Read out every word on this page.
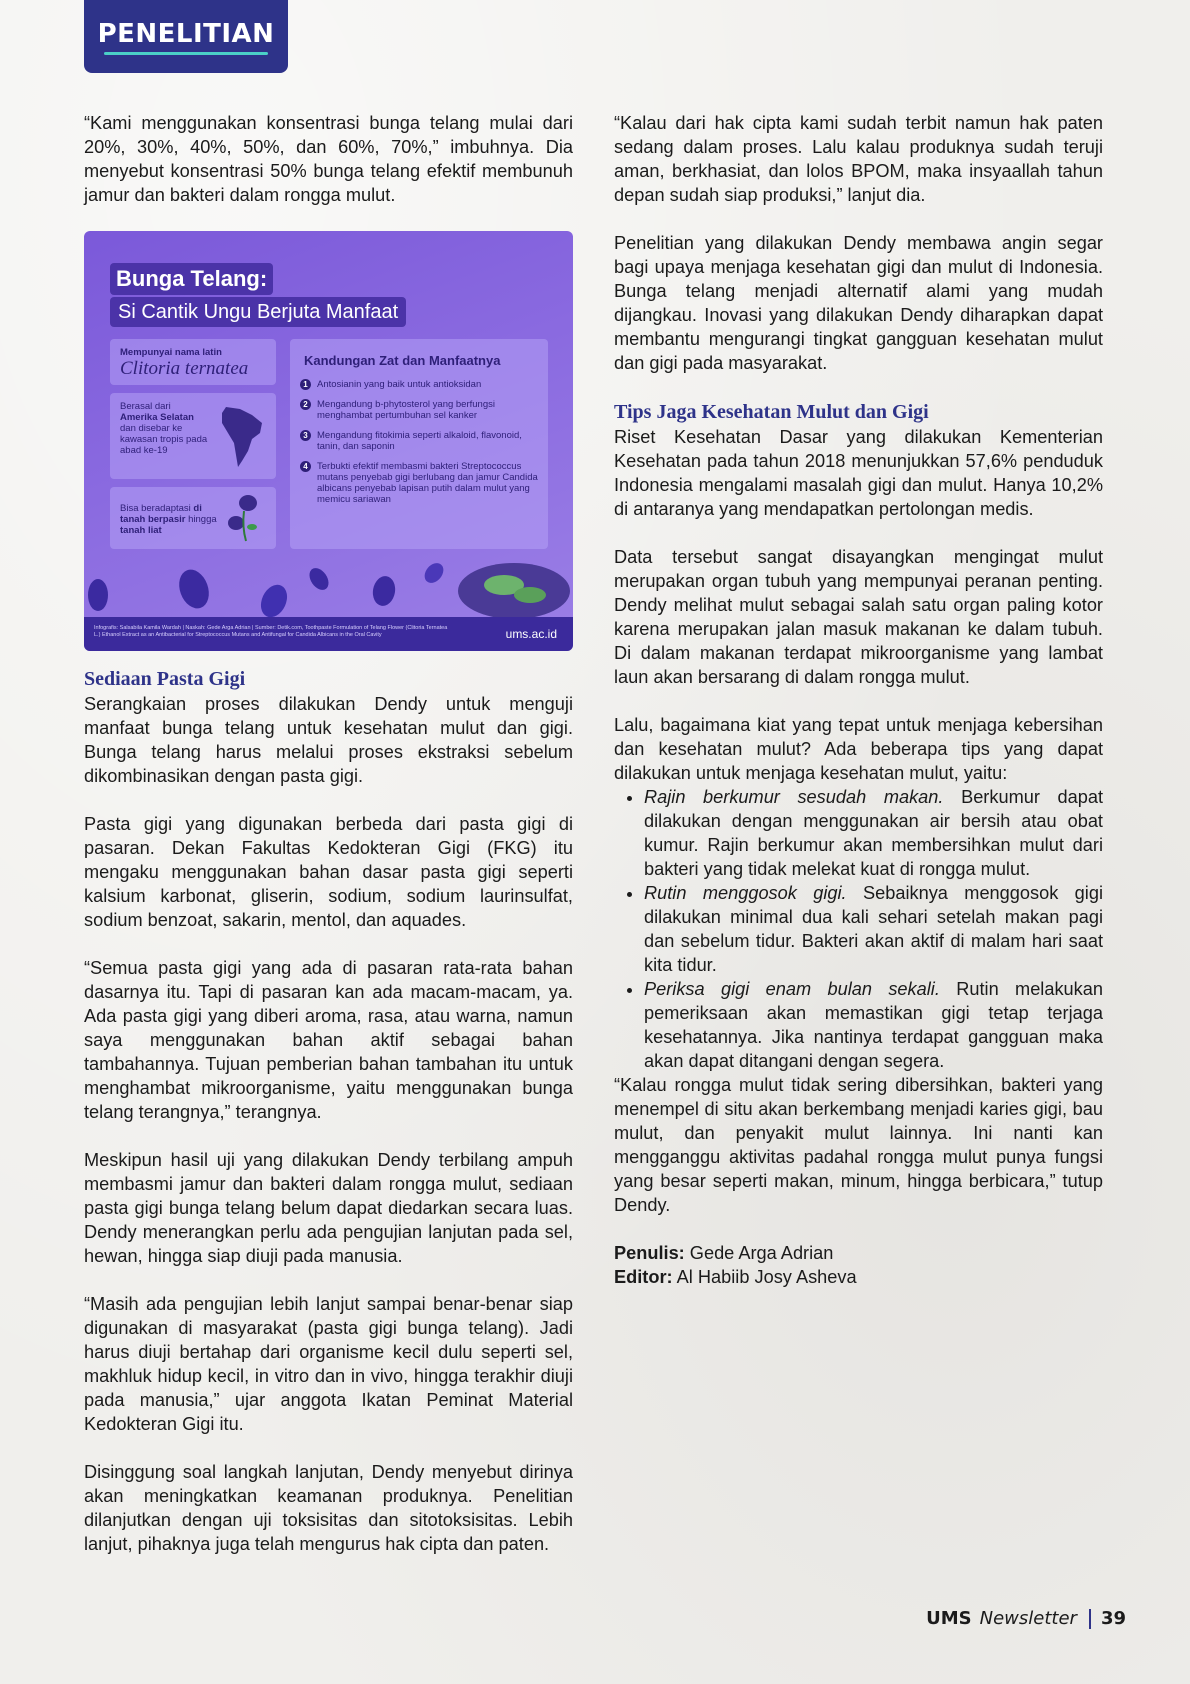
PENELITIAN

“Kami menggunakan konsentrasi bunga telang mulai dari 20%, 30%, 40%, 50%, dan 60%, 70%,” imbuhnya. Dia menyebut konsentrasi 50% bunga telang efektif membunuh jamur dan bakteri dalam rongga mulut.

Bunga Telang:
Si Cantik Ungu Berjuta Manfaat
Mempunyai nama latin
Clitoria ternatea
Berasal dari
Amerika Selatan
dan disebar ke kawasan tropis pada abad ke-19
Bisa beradaptasi di tanah berpasir hingga tanah liat
Kandungan Zat dan Manfaatnya
1 Antosianin yang baik untuk antioksidan
2 Mengandung b-phytosterol yang berfungsi menghambat pertumbuhan sel kanker
3 Mengandung fitokimia seperti alkaloid, flavonoid, tanin, dan saponin
4 Terbukti efektif membasmi bakteri Streptococcus mutans penyebab gigi berlubang dan jamur Candida albicans penyebab lapisan putih dalam mulut yang memicu sariawan
Infografis: Salsabila Kamila Wardah | Naskah: Gede Arga Adrian | Sumber: Detik.com, Toothpaste Formulation of Telang Flower (Clitoria Ternatea L.) Ethanol Extract as an Antibacterial for Streptococcus Mutans and Antifungal for Candida Albicans in the Oral Cavity	ums.ac.id
Sediaan Pasta Gigi

Serangkaian proses dilakukan Dendy untuk menguji manfaat bunga telang untuk kesehatan mulut dan gigi. Bunga telang harus melalui proses ekstraksi sebelum dikombinasikan dengan pasta gigi.

Pasta gigi yang digunakan berbeda dari pasta gigi di pasaran. Dekan Fakultas Kedokteran Gigi (FKG) itu mengaku menggunakan bahan dasar pasta gigi seperti kalsium karbonat, gliserin, sodium, sodium laurinsulfat, sodium benzoat, sakarin, mentol, dan aquades.

“Semua pasta gigi yang ada di pasaran rata-rata bahan dasarnya itu. Tapi di pasaran kan ada macam-macam, ya. Ada pasta gigi yang diberi aroma, rasa, atau warna, namun saya menggunakan bahan aktif sebagai bahan tambahannya. Tujuan pemberian bahan tambahan itu untuk menghambat mikroorganisme, yaitu menggunakan bunga telang terangnya,” terangnya.

Meskipun hasil uji yang dilakukan Dendy terbilang ampuh membasmi jamur dan bakteri dalam rongga mulut, sediaan pasta gigi bunga telang belum dapat diedarkan secara luas. Dendy menerangkan perlu ada pengujian lanjutan pada sel, hewan, hingga siap diuji pada manusia.

“Masih ada pengujian lebih lanjut sampai benar-benar siap digunakan di masyarakat (pasta gigi bunga telang). Jadi harus diuji bertahap dari organisme kecil dulu seperti sel, makhluk hidup kecil, in vitro dan in vivo, hingga terakhir diuji pada manusia,” ujar anggota Ikatan Peminat Material Kedokteran Gigi itu.

Disinggung soal langkah lanjutan, Dendy menyebut dirinya akan meningkatkan keamanan produknya. Penelitian dilanjutkan dengan uji toksisitas dan sitotoksisitas. Lebih lanjut, pihaknya juga telah mengurus hak cipta dan paten.

“Kalau dari hak cipta kami sudah terbit namun hak paten sedang dalam proses. Lalu kalau produknya sudah teruji aman, berkhasiat, dan lolos BPOM, maka insyaallah tahun depan sudah siap produksi,” lanjut dia.

Penelitian yang dilakukan Dendy membawa angin segar bagi upaya menjaga kesehatan gigi dan mulut di Indonesia. Bunga telang menjadi alternatif alami yang mudah dijangkau. Inovasi yang dilakukan Dendy diharapkan dapat membantu mengurangi tingkat gangguan kesehatan mulut dan gigi pada masyarakat.

Tips Jaga Kesehatan Mulut dan Gigi

Riset Kesehatan Dasar yang dilakukan Kementerian Kesehatan pada tahun 2018 menunjukkan 57,6% penduduk Indonesia mengalami masalah gigi dan mulut. Hanya 10,2% di antaranya yang mendapatkan pertolongan medis.

Data tersebut sangat disayangkan mengingat mulut merupakan organ tubuh yang mempunyai peranan penting. Dendy melihat mulut sebagai salah satu organ paling kotor karena merupakan jalan masuk makanan ke dalam tubuh. Di dalam makanan terdapat mikroorganisme yang lambat laun akan bersarang di dalam rongga mulut.

Lalu, bagaimana kiat yang tepat untuk menjaga kebersihan dan kesehatan mulut? Ada beberapa tips yang dapat dilakukan untuk menjaga kesehatan mulut, yaitu:

• Rajin berkumur sesudah makan. Berkumur dapat dilakukan dengan menggunakan air bersih atau obat kumur. Rajin berkumur akan membersihkan mulut dari bakteri yang tidak melekat kuat di rongga mulut.
• Rutin menggosok gigi. Sebaiknya menggosok gigi dilakukan minimal dua kali sehari setelah makan pagi dan sebelum tidur. Bakteri akan aktif di malam hari saat kita tidur.
• Periksa gigi enam bulan sekali. Rutin melakukan pemeriksaan akan memastikan gigi tetap terjaga kesehatannya. Jika nantinya terdapat gangguan maka akan dapat ditangani dengan segera.

“Kalau rongga mulut tidak sering dibersihkan, bakteri yang menempel di situ akan berkembang menjadi karies gigi, bau mulut, dan penyakit mulut lainnya. Ini nanti kan mengganggu aktivitas padahal rongga mulut punya fungsi yang besar seperti makan, minum, hingga berbicara,” tutup Dendy.

Penulis: Gede Arga Adrian

Editor: Al Habiib Josy Asheva

UMS Newsletter 39
